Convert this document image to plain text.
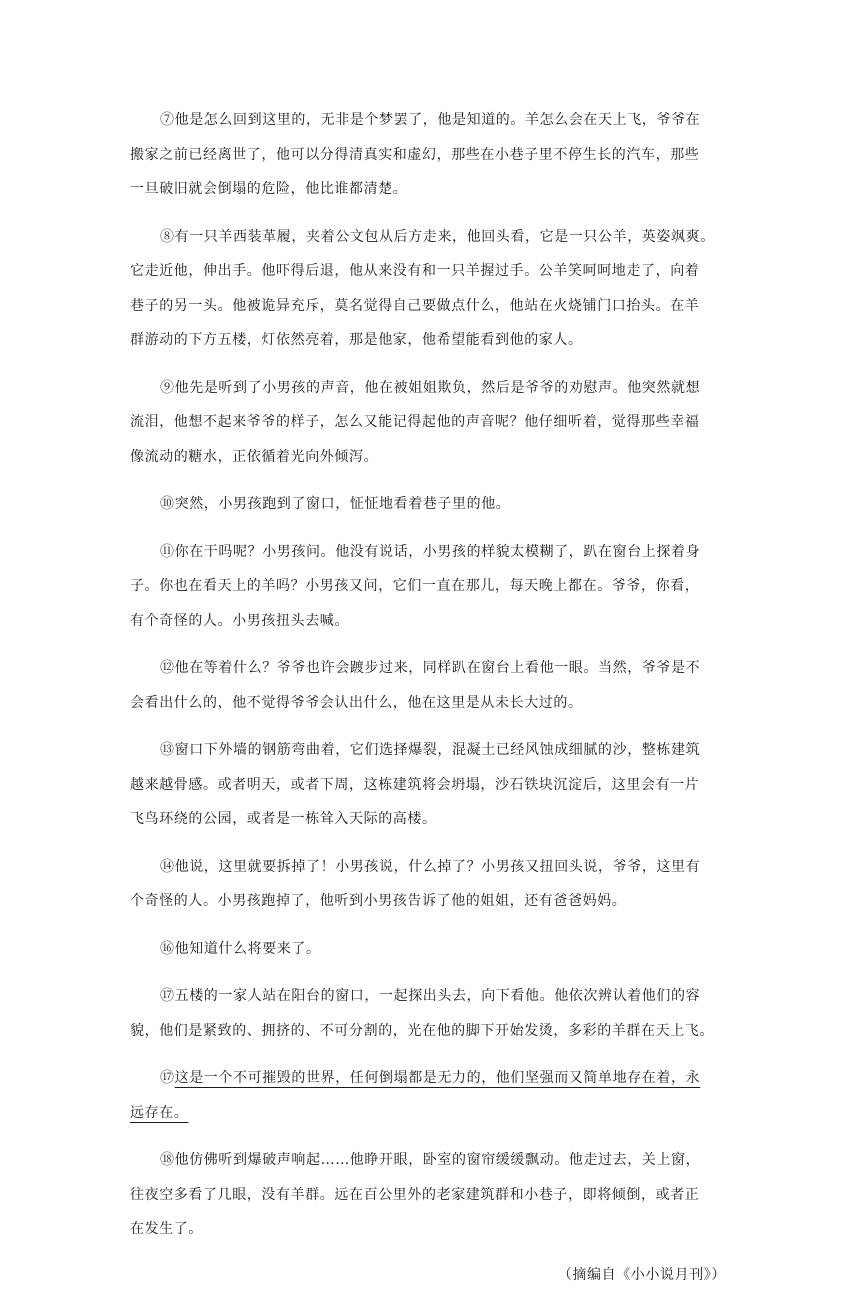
⑦他是怎么回到这里的，无非是个梦罢了，他是知道的。羊怎么会在天上飞，爷爷在
搬家之前已经离世了，他可以分得清真实和虚幻，那些在小巷子里不停生长的汽车，那些
一旦破旧就会倒塌的危险，他比谁都清楚。
⑧有一只羊西装革履，夹着公文包从后方走来，他回头看，它是一只公羊，英姿飒爽。
它走近他，伸出手。他吓得后退，他从来没有和一只羊握过手。公羊笑呵呵地走了，向着
巷子的另一头。他被诡异充斥，莫名觉得自己要做点什么，他站在火烧铺门口抬头。在羊
群游动的下方五楼，灯依然亮着，那是他家，他希望能看到他的家人。
⑨他先是听到了小男孩的声音，他在被姐姐欺负，然后是爷爷的劝慰声。他突然就想
流泪，他想不起来爷爷的样子，怎么又能记得起他的声音呢？他仔细听着，觉得那些幸福
像流动的糖水，正依循着光向外倾泻。
⑩突然，小男孩跑到了窗口，怔怔地看着巷子里的他。
⑪你在干吗呢？小男孩问。他没有说话，小男孩的样貌太模糊了，趴在窗台上探着身
子。你也在看天上的羊吗？小男孩又问，它们一直在那儿，每天晚上都在。爷爷，你看，
有个奇怪的人。小男孩扭头去喊。
⑫他在等着什么？爷爷也许会踱步过来，同样趴在窗台上看他一眼。当然，爷爷是不
会看出什么的，他不觉得爷爷会认出什么，他在这里是从未长大过的。
⑬窗口下外墙的钢筋弯曲着，它们选择爆裂，混凝土已经风蚀成细腻的沙，整栋建筑
越来越骨感。或者明天，或者下周，这栋建筑将会坍塌，沙石铁块沉淀后，这里会有一片
飞鸟环绕的公园，或者是一栋耸入天际的高楼。
⑭他说，这里就要拆掉了！小男孩说，什么掉了？小男孩又扭回头说，爷爷，这里有
个奇怪的人。小男孩跑掉了，他听到小男孩告诉了他的姐姐，还有爸爸妈妈。
⑯他知道什么将要来了。
⑰五楼的一家人站在阳台的窗口，一起探出头去，向下看他。他依次辨认着他们的容
貌，他们是紧致的、拥挤的、不可分割的，光在他的脚下开始发烫，多彩的羊群在天上飞。
⑰这是一个不可摧毁的世界，任何倒塌都是无力的，他们坚强而又简单地存在着，永
远存在。
⑱他仿佛听到爆破声响起……他睁开眼，卧室的窗帘缓缓飘动。他走过去，关上窗，
往夜空多看了几眼，没有羊群。远在百公里外的老家建筑群和小巷子，即将倾倒，或者正
在发生了。
（摘编自《小小说月刊》）
